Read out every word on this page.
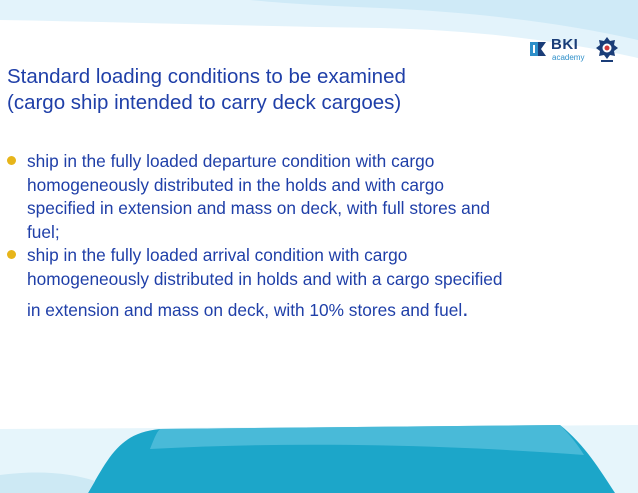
BKI
academy
Standard loading conditions to be examined
(cargo ship intended to carry deck cargoes)
ship in the fully loaded departure condition with cargo
homogeneously distributed in the holds and with cargo
specified in extension and mass on deck, with full stores and
fuel;
ship in the fully loaded arrival condition with cargo
homogeneously distributed in holds and with a cargo specified
in extension and mass on deck, with 10% stores and fuel.
